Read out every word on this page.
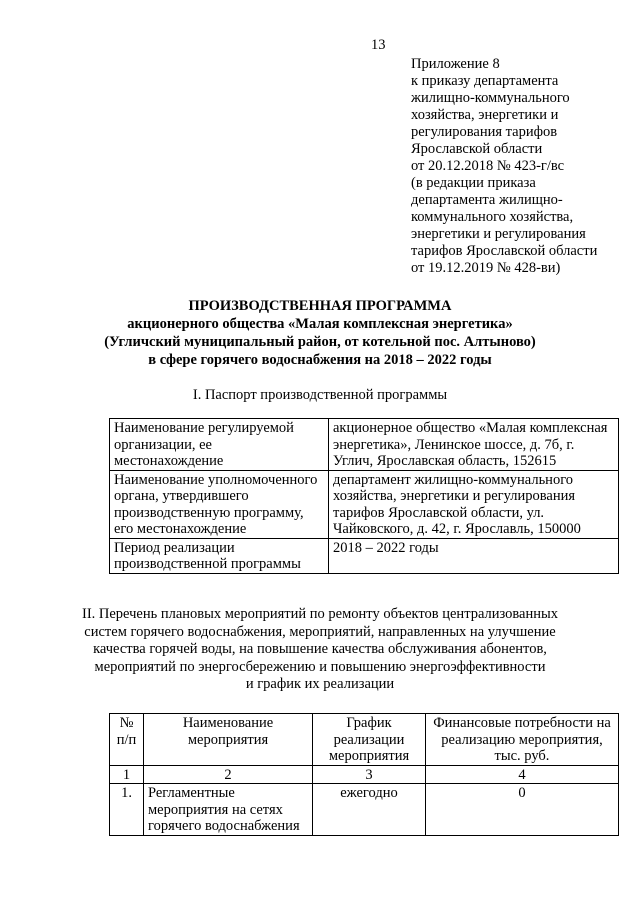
13
Приложение 8
к приказу департамента
жилищно-коммунального
хозяйства, энергетики и
регулирования тарифов
Ярославской области
от 20.12.2018 № 423-г/вс
(в редакции приказа
департамента жилищно-
коммунального хозяйства,
энергетики и регулирования
тарифов Ярославской области
от 19.12.2019 № 428-ви)
ПРОИЗВОДСТВЕННАЯ ПРОГРАММА
акционерного общества «Малая комплексная энергетика»
(Угличский муниципальный район, от котельной пос. Алтыново)
в сфере горячего водоснабжения на 2018 – 2022 годы
I. Паспорт производственной программы
Наименование регулируемой организации, ее местонахождение	акционерное общество «Малая комплексная энергетика», Ленинское шоссе, д. 7б, г. Углич, Ярославская область, 152615
Наименование уполномоченного органа, утвердившего производственную программу, его местонахождение	департамент жилищно-коммунального хозяйства, энергетики и регулирования тарифов Ярославской области, ул. Чайковского, д. 42, г. Ярославль, 150000
Период реализации производственной программы	2018 – 2022 годы
II. Перечень плановых мероприятий по ремонту объектов централизованных
систем горячего водоснабжения, мероприятий, направленных на улучшение
качества горячей воды, на повышение качества обслуживания абонентов,
мероприятий по энергосбережению и повышению энергоэффективности
и график их реализации
№ п/п	Наименование мероприятия	График реализации мероприятия	Финансовые потребности на реализацию мероприятия, тыс. руб.
1	2	3	4
1.	Регламентные мероприятия на сетях горячего водоснабжения	ежегодно	0
